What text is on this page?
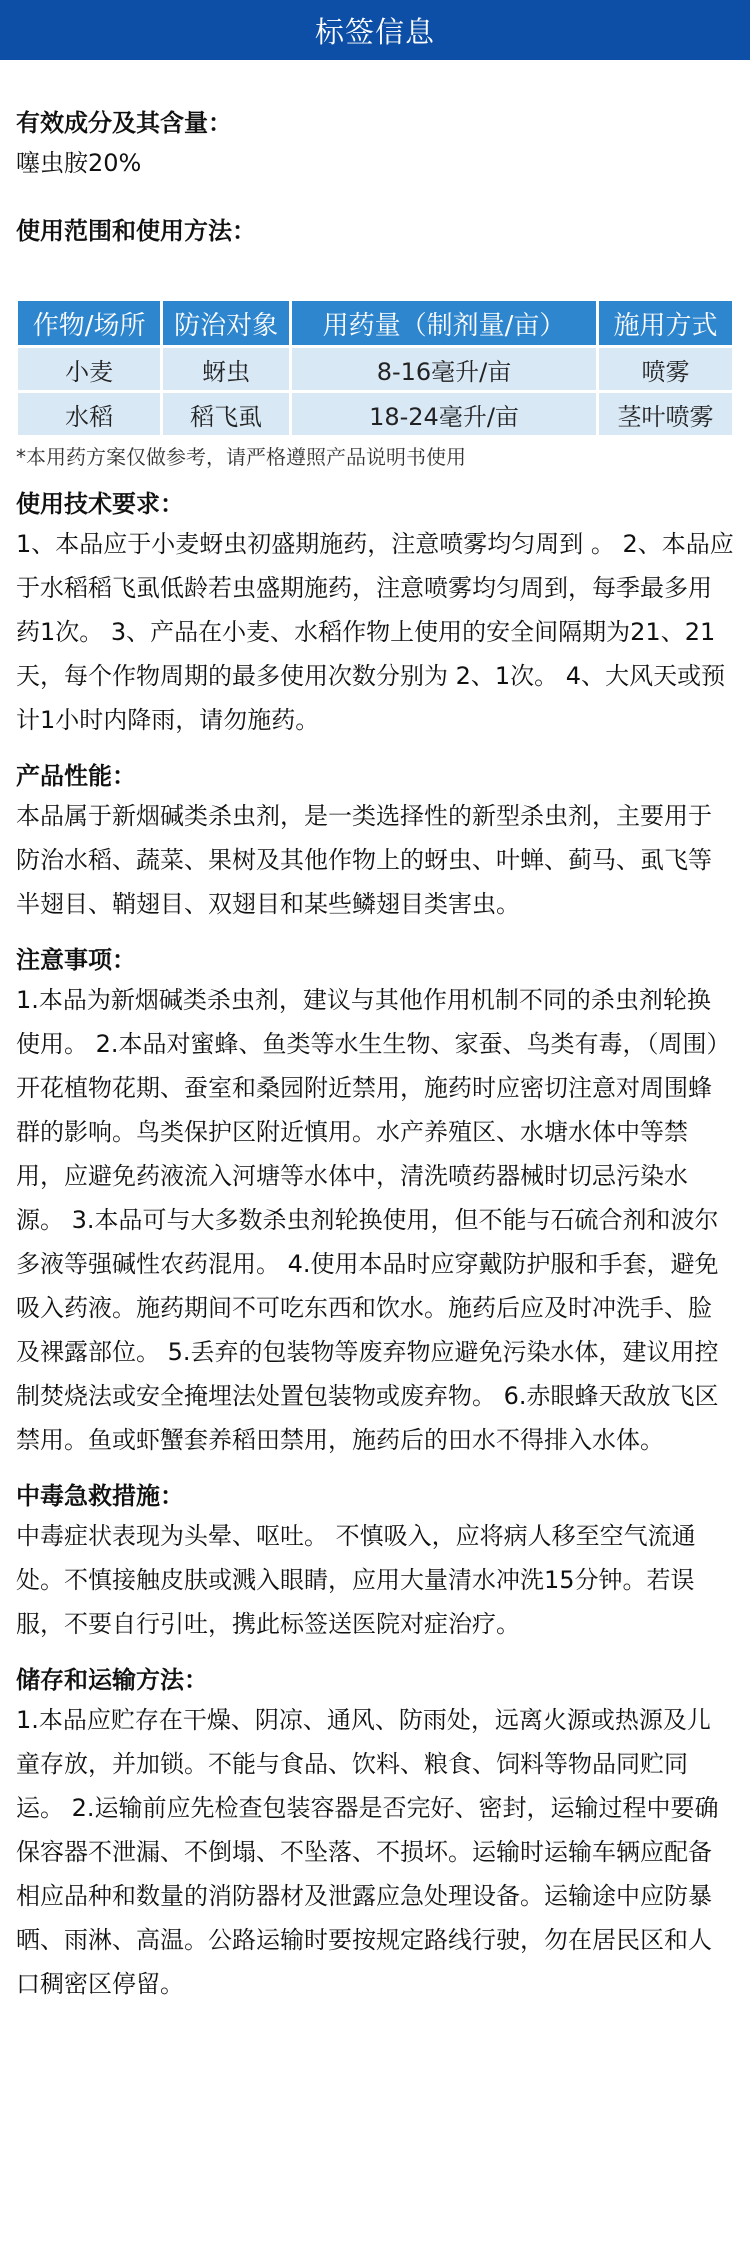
标签信息

有效成分及其含量：

噻虫胺20%

使用范围和使用方法：

作物/场所	防治对象	用药量（制剂量/亩）	施用方式
小麦	蚜虫	8-16毫升/亩	喷雾
水稻	稻飞虱	18-24毫升/亩	茎叶喷雾

*本用药方案仅做参考，请严格遵照产品说明书使用

使用技术要求：

1、本品应于小麦蚜虫初盛期施药，注意喷雾均匀周到 。 2、本品应于水稻稻飞虱低龄若虫盛期施药，注意喷雾均匀周到，每季最多用药1次。 3、产品在小麦、水稻作物上使用的安全间隔期为21、21天，每个作物周期的最多使用次数分别为 2、1次。 4、大风天或预计1小时内降雨，请勿施药。

产品性能：

本品属于新烟碱类杀虫剂，是一类选择性的新型杀虫剂，主要用于防治水稻、蔬菜、果树及其他作物上的蚜虫、叶蝉、蓟马、虱飞等半翅目、鞘翅目、双翅目和某些鳞翅目类害虫。

注意事项：

1.本品为新烟碱类杀虫剂，建议与其他作用机制不同的杀虫剂轮换使用。 2.本品对蜜蜂、鱼类等水生生物、家蚕、鸟类有毒，（周围）开花植物花期、蚕室和桑园附近禁用，施药时应密切注意对周围蜂群的影响。鸟类保护区附近慎用。水产养殖区、水塘水体中等禁用，应避免药液流入河塘等水体中，清洗喷药器械时切忌污染水源。 3.本品可与大多数杀虫剂轮换使用，但不能与石硫合剂和波尔多液等强碱性农药混用。 4.使用本品时应穿戴防护服和手套，避免吸入药液。施药期间不可吃东西和饮水。施药后应及时冲洗手、脸及裸露部位。 5.丢弃的包装物等废弃物应避免污染水体，建议用控制焚烧法或安全掩埋法处置包装物或废弃物。 6.赤眼蜂天敌放飞区禁用。鱼或虾蟹套养稻田禁用，施药后的田水不得排入水体。

中毒急救措施：

中毒症状表现为头晕、呕吐。 不慎吸入，应将病人移至空气流通处。不慎接触皮肤或溅入眼睛，应用大量清水冲洗15分钟。若误服，不要自行引吐，携此标签送医院对症治疗。

储存和运输方法：

1.本品应贮存在干燥、阴凉、通风、防雨处，远离火源或热源及儿童存放，并加锁。不能与食品、饮料、粮食、饲料等物品同贮同运。 2.运输前应先检查包装容器是否完好、密封，运输过程中要确保容器不泄漏、不倒塌、不坠落、不损坏。运输时运输车辆应配备相应品种和数量的消防器材及泄露应急处理设备。运输途中应防暴晒、雨淋、高温。公路运输时要按规定路线行驶，勿在居民区和人口稠密区停留。
